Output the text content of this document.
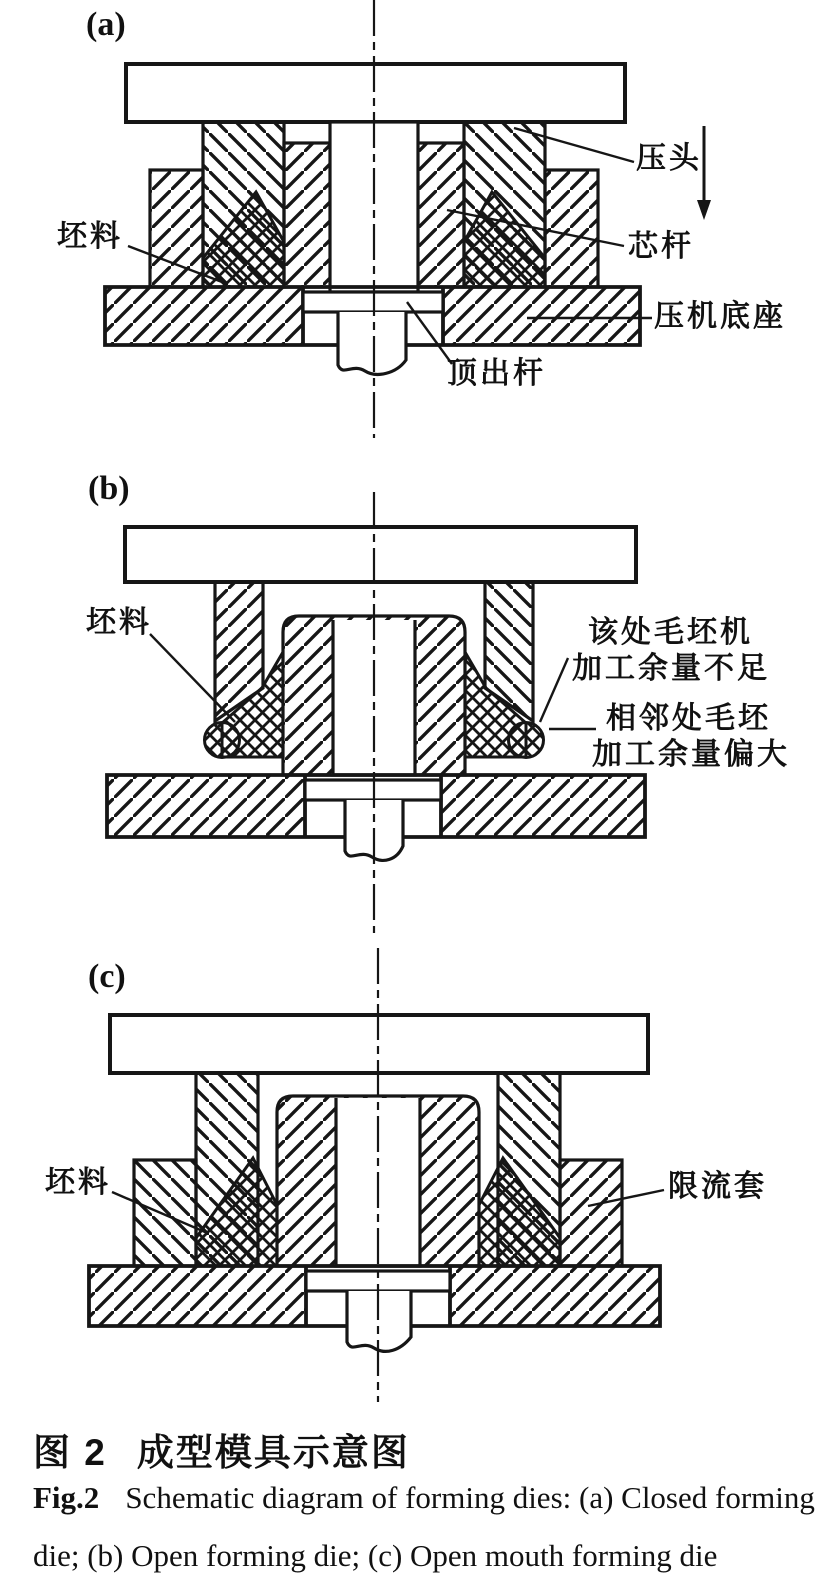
(a)
(b)
(c)
坯料
压头
芯杆
压机底座
顶出杆
坯料	该处毛坯机
加工余量不足
相邻处毛坯
加工余量偏大
坯料	限流套
图 2 成型模具示意图
Fig.2 Schematic diagram of forming dies: (a) Closed forming
die; (b) Open forming die; (c) Open mouth forming die
